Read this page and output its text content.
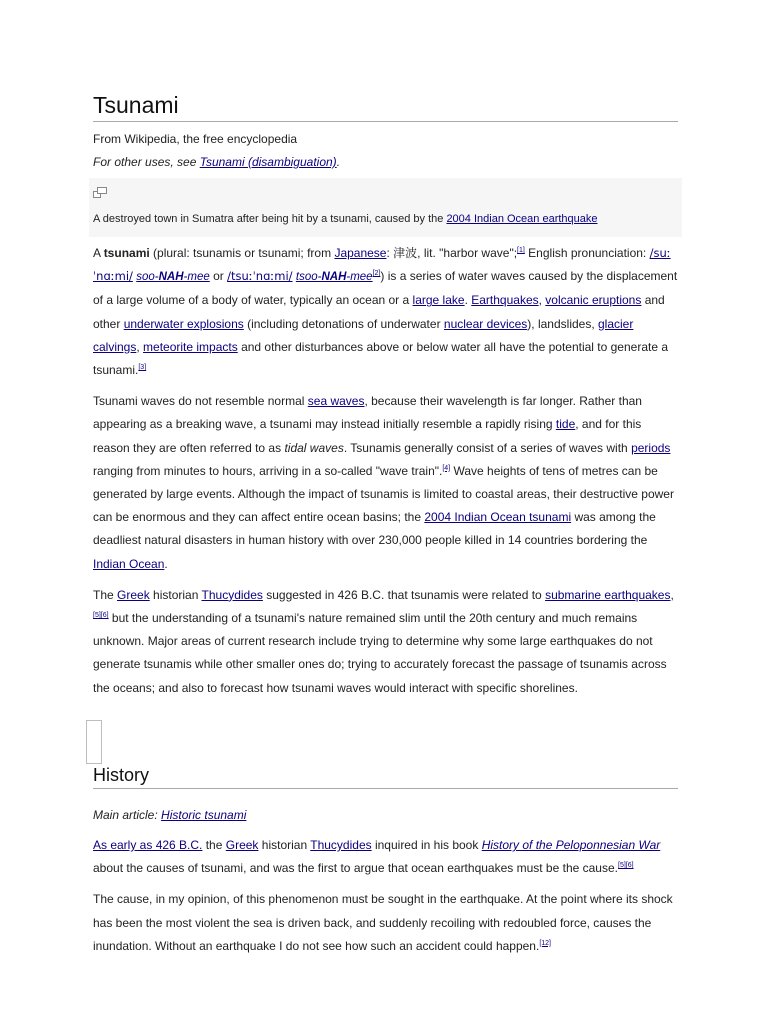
Tsunami
From Wikipedia, the free encyclopedia
For other uses, see Tsunami (disambiguation).
A destroyed town in Sumatra after being hit by a tsunami, caused by the 2004 Indian Ocean earthquake

A tsunami (plural: tsunamis or tsunami; from Japanese: 津波, lit. "harbor wave";[1] English pronunciation: /suːˈnɑːmi/ soo-NAH-mee or /tsuːˈnɑːmi/ tsoo-NAH-mee[2]) is a series of water waves caused by the displacement of a large volume of a body of water, typically an ocean or a large lake. Earthquakes, volcanic eruptions and other underwater explosions (including detonations of underwater nuclear devices), landslides, glacier calvings, meteorite impacts and other disturbances above or below water all have the potential to generate a tsunami.[3]

Tsunami waves do not resemble normal sea waves, because their wavelength is far longer. Rather than appearing as a breaking wave, a tsunami may instead initially resemble a rapidly rising tide, and for this reason they are often referred to as tidal waves. Tsunamis generally consist of a series of waves with periods ranging from minutes to hours, arriving in a so-called "wave train".[4] Wave heights of tens of metres can be generated by large events. Although the impact of tsunamis is limited to coastal areas, their destructive power can be enormous and they can affect entire ocean basins; the 2004 Indian Ocean tsunami was among the deadliest natural disasters in human history with over 230,000 people killed in 14 countries bordering the Indian Ocean.

The Greek historian Thucydides suggested in 426 B.C. that tsunamis were related to submarine earthquakes,[5][6] but the understanding of a tsunami's nature remained slim until the 20th century and much remains unknown. Major areas of current research include trying to determine why some large earthquakes do not generate tsunamis while other smaller ones do; trying to accurately forecast the passage of tsunamis across the oceans; and also to forecast how tsunami waves would interact with specific shorelines.

History
Main article: Historic tsunami

As early as 426 B.C. the Greek historian Thucydides inquired in his book History of the Peloponnesian War about the causes of tsunami, and was the first to argue that ocean earthquakes must be the cause.[5][6]

The cause, in my opinion, of this phenomenon must be sought in the earthquake. At the point where its shock has been the most violent the sea is driven back, and suddenly recoiling with redoubled force, causes the inundation. Without an earthquake I do not see how such an accident could happen.[12]
